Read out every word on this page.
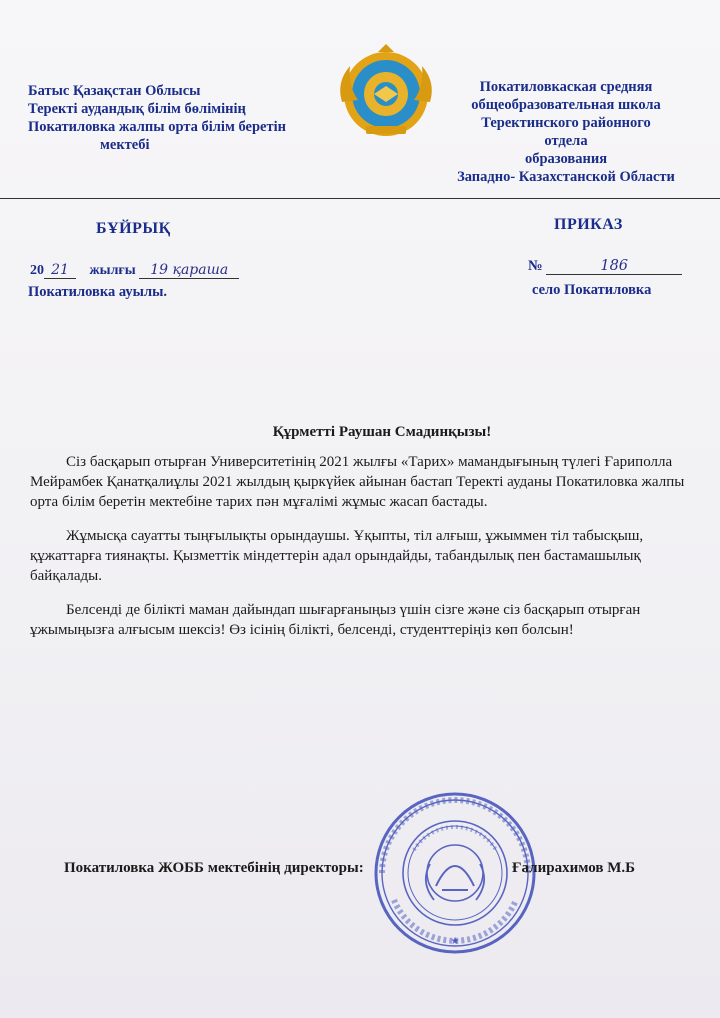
Батыс Қазақстан Облысы
Теректі аудандық білім бөлімінің
Покатиловка жалпы орта білім беретін
мектебі
Покатиловкаская средняя
общеобразовательная школа
Теректинского районного
отдела
образования
Западно- Казахстанской Области
БҰЙРЫҚ	ПРИКАЗ
20 21 жылғы 19 қараша
Покатиловка ауылы.
№	186
село Покатиловка
Құрметті Раушан Смадинқызы!

Сіз басқарып отырған Университетінің 2021 жылғы «Тарих» мамандығының түлегі Ғариполла Мейрамбек Қанатқалиұлы 2021 жылдың қыркүйек айынан бастап Теректі ауданы Покатиловка жалпы орта білім беретін мектебіне тарих пән мұғалімі жұмыс жасап бастады.

Жұмысқа сауатты тыңғылықты орындаушы. Ұқыпты, тіл алғыш, ұжыммен тіл табысқыш, құжаттарға тиянақты. Қызметтік міндеттерін адал орындайды, табандылық пен бастамашылық байқалады.

Белсенді де білікті маман дайындап шығарғаныңыз үшін сізге және сіз басқарып отырған ұжымыңызға алғысым шексіз! Өз ісінің білікті, белсенді, студенттеріңіз көп болсын!

★
Покатиловка ЖОББ мектебінің директоры:	Ғалирахимов М.Б
